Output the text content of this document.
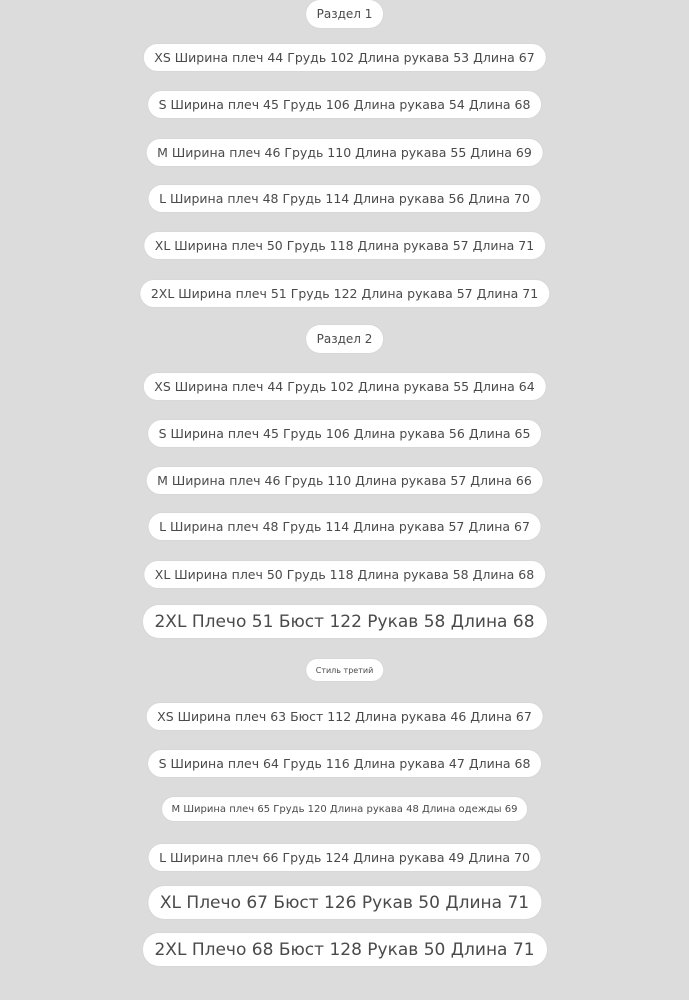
Раздел 1
XS Ширина плеч 44 Грудь 102 Длина рукава 53 Длина 67
S Ширина плеч 45 Грудь 106 Длина рукава 54 Длина 68
M Ширина плеч 46 Грудь 110 Длина рукава 55 Длина 69
L Ширина плеч 48 Грудь 114 Длина рукава 56 Длина 70
XL Ширина плеч 50 Грудь 118 Длина рукава 57 Длина 71
2XL Ширина плеч 51 Грудь 122 Длина рукава 57 Длина 71
Раздел 2
XS Ширина плеч 44 Грудь 102 Длина рукава 55 Длина 64
S Ширина плеч 45 Грудь 106 Длина рукава 56 Длина 65
M Ширина плеч 46 Грудь 110 Длина рукава 57 Длина 66
L Ширина плеч 48 Грудь 114 Длина рукава 57 Длина 67
XL Ширина плеч 50 Грудь 118 Длина рукава 58 Длина 68
2XL Плечо 51 Бюст 122 Рукав 58 Длина 68
Стиль третий
XS Ширина плеч 63 Бюст 112 Длина рукава 46 Длина 67
S Ширина плеч 64 Грудь 116 Длина рукава 47 Длина 68
M Ширина плеч 65 Грудь 120 Длина рукава 48 Длина одежды 69
L Ширина плеч 66 Грудь 124 Длина рукава 49 Длина 70
XL Плечо 67 Бюст 126 Рукав 50 Длина 71
2XL Плечо 68 Бюст 128 Рукав 50 Длина 71
